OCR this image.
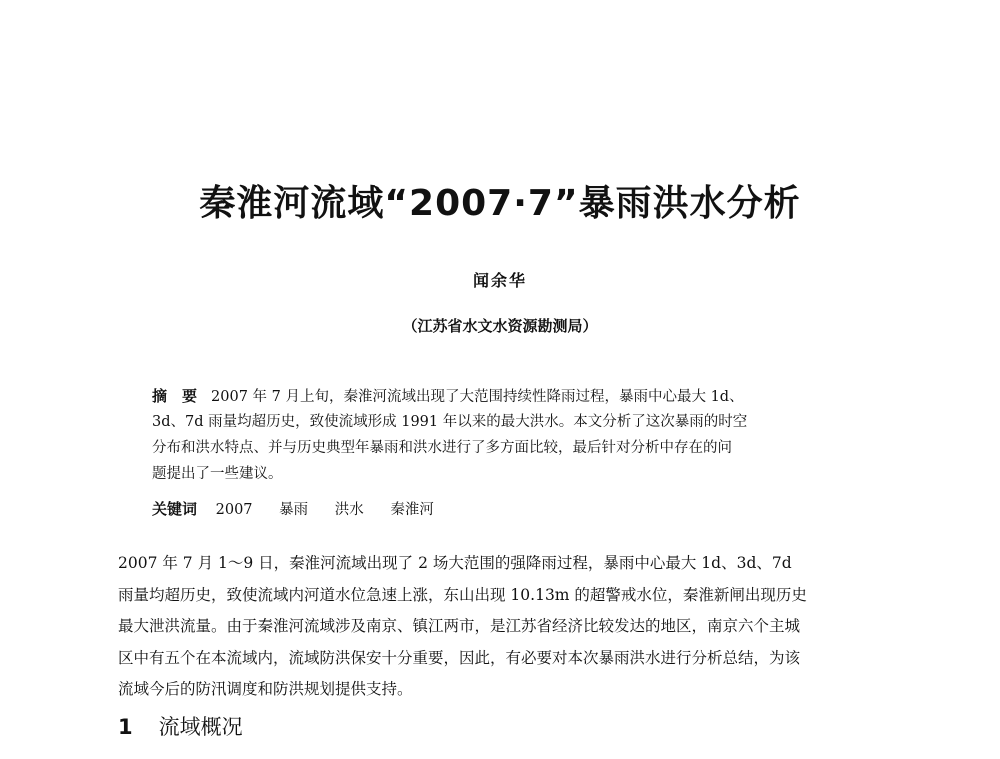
秦淮河流域“2007·7”暴雨洪水分析
闻余华
（江苏省水文水资源勘测局）
摘　要 2007 年 7 月上旬，秦淮河流域出现了大范围持续性降雨过程，暴雨中心最大 1d、
3d、7d 雨量均超历史，致使流域形成 1991 年以来的最大洪水。本文分析了这次暴雨的时空
分布和洪水特点、并与历史典型年暴雨和洪水进行了多方面比较，最后针对分析中存在的问
题提出了一些建议。
关键词 2007 暴雨 洪水 秦淮河
2007 年 7 月 1～9 日，秦淮河流域出现了 2 场大范围的强降雨过程，暴雨中心最大 1d、3d、7d
雨量均超历史，致使流域内河道水位急速上涨，东山出现 10.13m 的超警戒水位，秦淮新闸出现历史
最大泄洪流量。由于秦淮河流域涉及南京、镇江两市，是江苏省经济比较发达的地区，南京六个主城
区中有五个在本流域内，流域防洪保安十分重要，因此，有必要对本次暴雨洪水进行分析总结，为该
流域今后的防汛调度和防洪规划提供支持。
1 流域概况
